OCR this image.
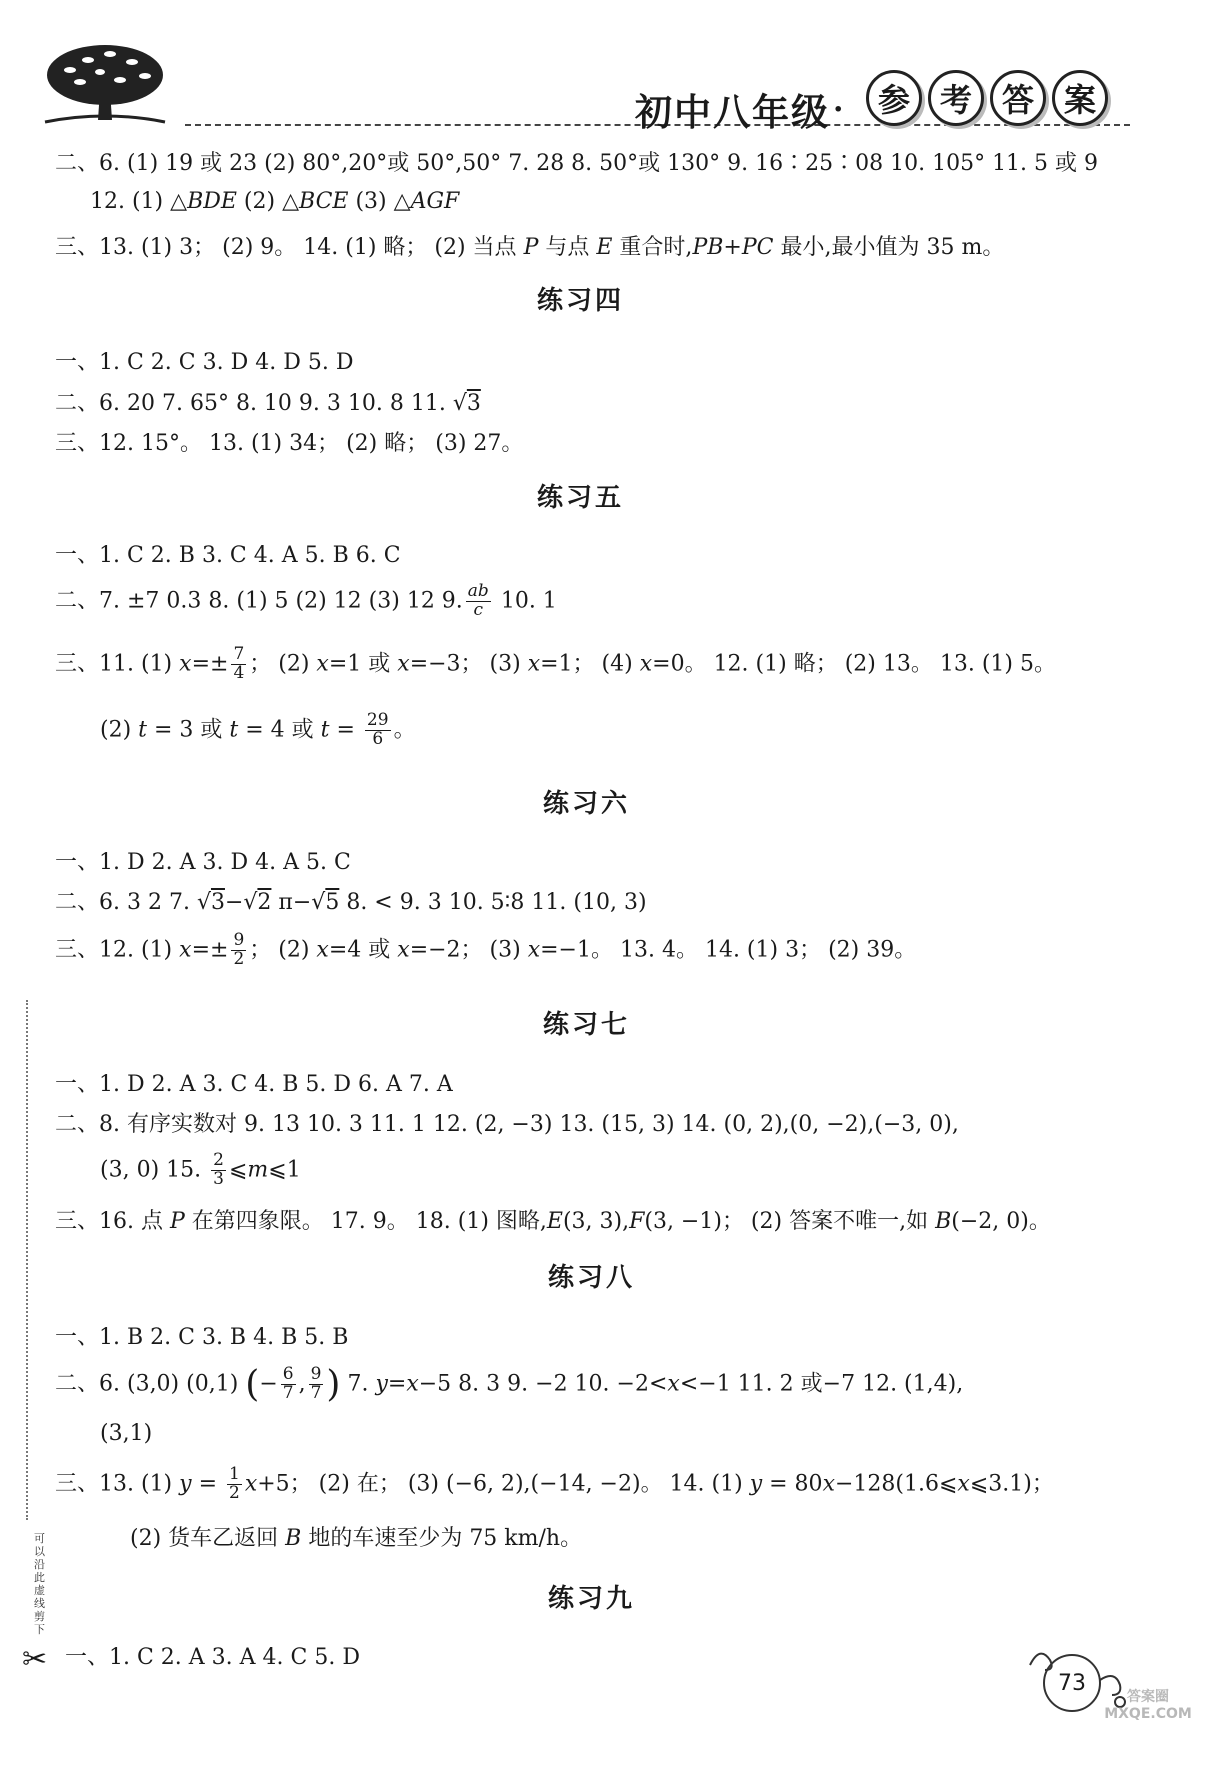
初中八年级 ·	参 考 答 案
二、6. (1) 19 或 23 (2) 80°,20°或 50°,50° 7. 28 8. 50°或 130° 9. 16∶25∶08 10. 105° 11. 5 或 9
12. (1) △BDE (2) △BCE (3) △AGF
三、13. (1) 3； (2) 9。 14. (1) 略； (2) 当点 P 与点 E 重合时,PB+PC 最小,最小值为 35 m。
练习四
一、1. C 2. C 3. D 4. D 5. D
二、6. 20 7. 65° 8. 10 9. 3 10. 8 11. √3
三、12. 15°。 13. (1) 34； (2) 略； (3) 27。
练习五
一、1. C 2. B 3. C 4. A 5. B 6. C
二、7. ±7 0.3 8. (1) 5 (2) 12 (3) 12 9. $\frac{ab}{c} 10$. 1
三、11. (1) $x=\pm \frac{7}{4}$ ； (2) x=1 或 x=−3； (3) x=1； (4) x=0。 12. (1) 略； (2) 13。 13. (1) 5。
(2) t = 3 或 t = 4 或 $t = \frac{29}{6}$ 。
练习六
一、1. D 2. A 3. D 4. A 5. C
二、6. 3 2 7. √3−√2 π−√5 8. < 9. 3 10. 5∶8 11. (10, 3)
三、12. (1) $x=\pm \frac{9}{2}$ ； (2) x=4 或 x=−2； (3) x=−1。 13. 4。 14. (1) 3； (2) 39。
练习七
一、1. D 2. A 3. C 4. B 5. D 6. A 7. A
二、8. 有序实数对 9. 13 10. 3 11. 1 12. (2, −3) 13. (15, 3) 14. (0, 2),(0, −2),(−3, 0),
(3, 0) 15. $\frac{2}{3}$ ⩽m⩽1
三、16. 点 P 在第四象限。 17. 9。 18. (1) 图略,E(3, 3),F(3, −1)； (2) 答案不唯一,如 B(−2, 0)。
练习八
一、1. B 2. C 3. B 4. B 5. B
二、6. (3,0) (0,1) (− $\frac{6}{7}$ , $\frac{9}{7}$ ) 7. y=x−5 8. 3 9. −2 10. −2<x<−1 11. 2 或−7 12. (1,4),
(3,1)
三、13. (1) $y = \frac{1}{2} x+5$； (2) 在； (3) (−6, 2),(−14, −2)。 14. (1) y = 80x−128(1.6⩽x⩽3.1)；
(2) 货车乙返回 B 地的车速至少为 75 km/h。
练习九
一、1. C 2. A 3. A 4. C 5. D
可以沿此虚线剪下
✂
73
答案圈 MXQE.COM
